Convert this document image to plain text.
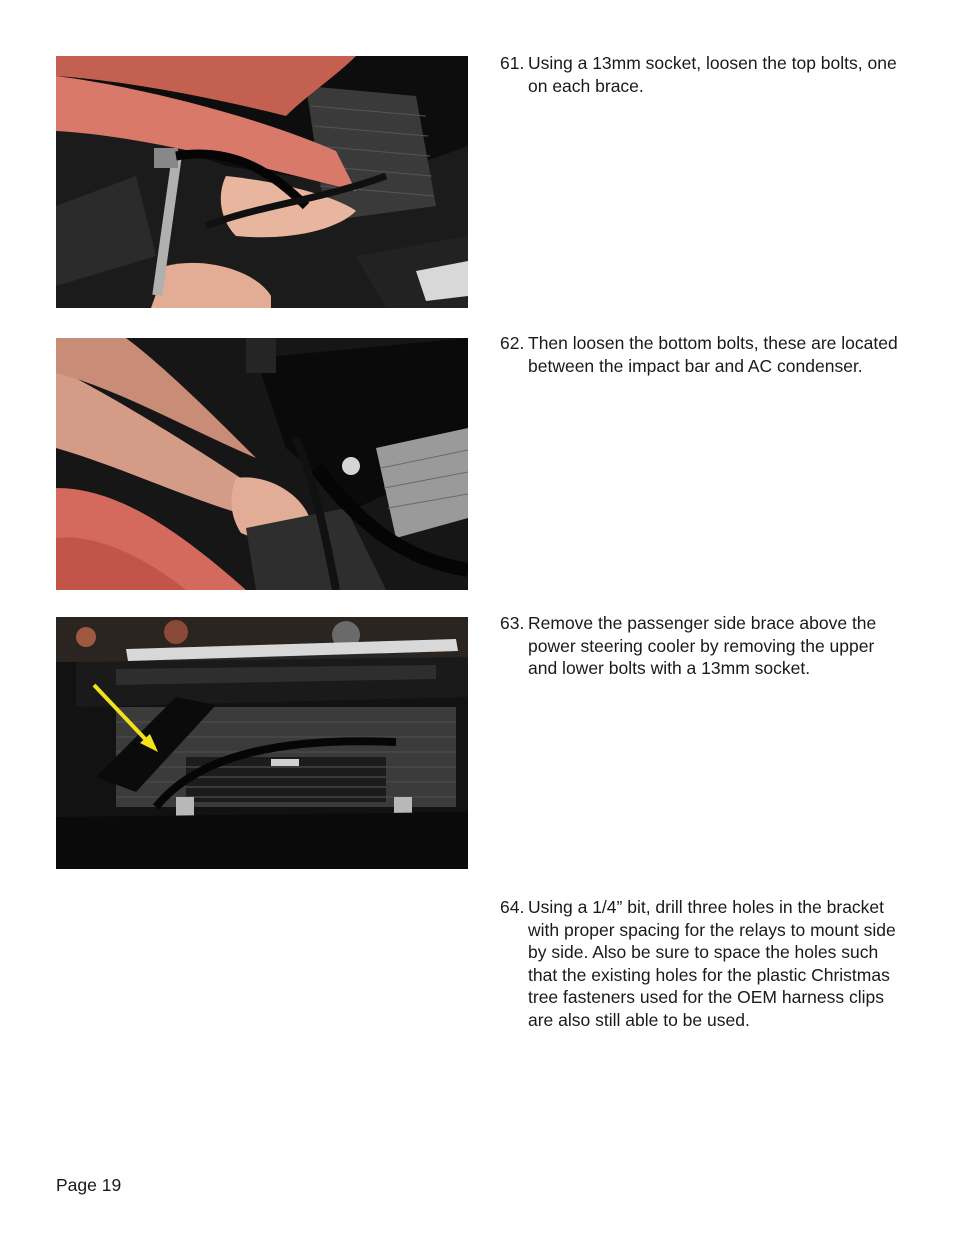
61. Using a 13mm socket, loosen the top bolts, one on each brace.
62. Then loosen the bottom bolts, these are located between the impact bar and AC condenser.
63. Remove the passenger side brace above the power steering cooler by removing the upper and lower bolts with a 13mm socket.
64. Using a 1/4” bit, drill three holes in the bracket with proper spacing for the relays to mount side by side. Also be sure to space the holes such that the existing holes for the plastic Christmas tree fasteners used for the OEM harness clips are also still able to be used.
Page 19
